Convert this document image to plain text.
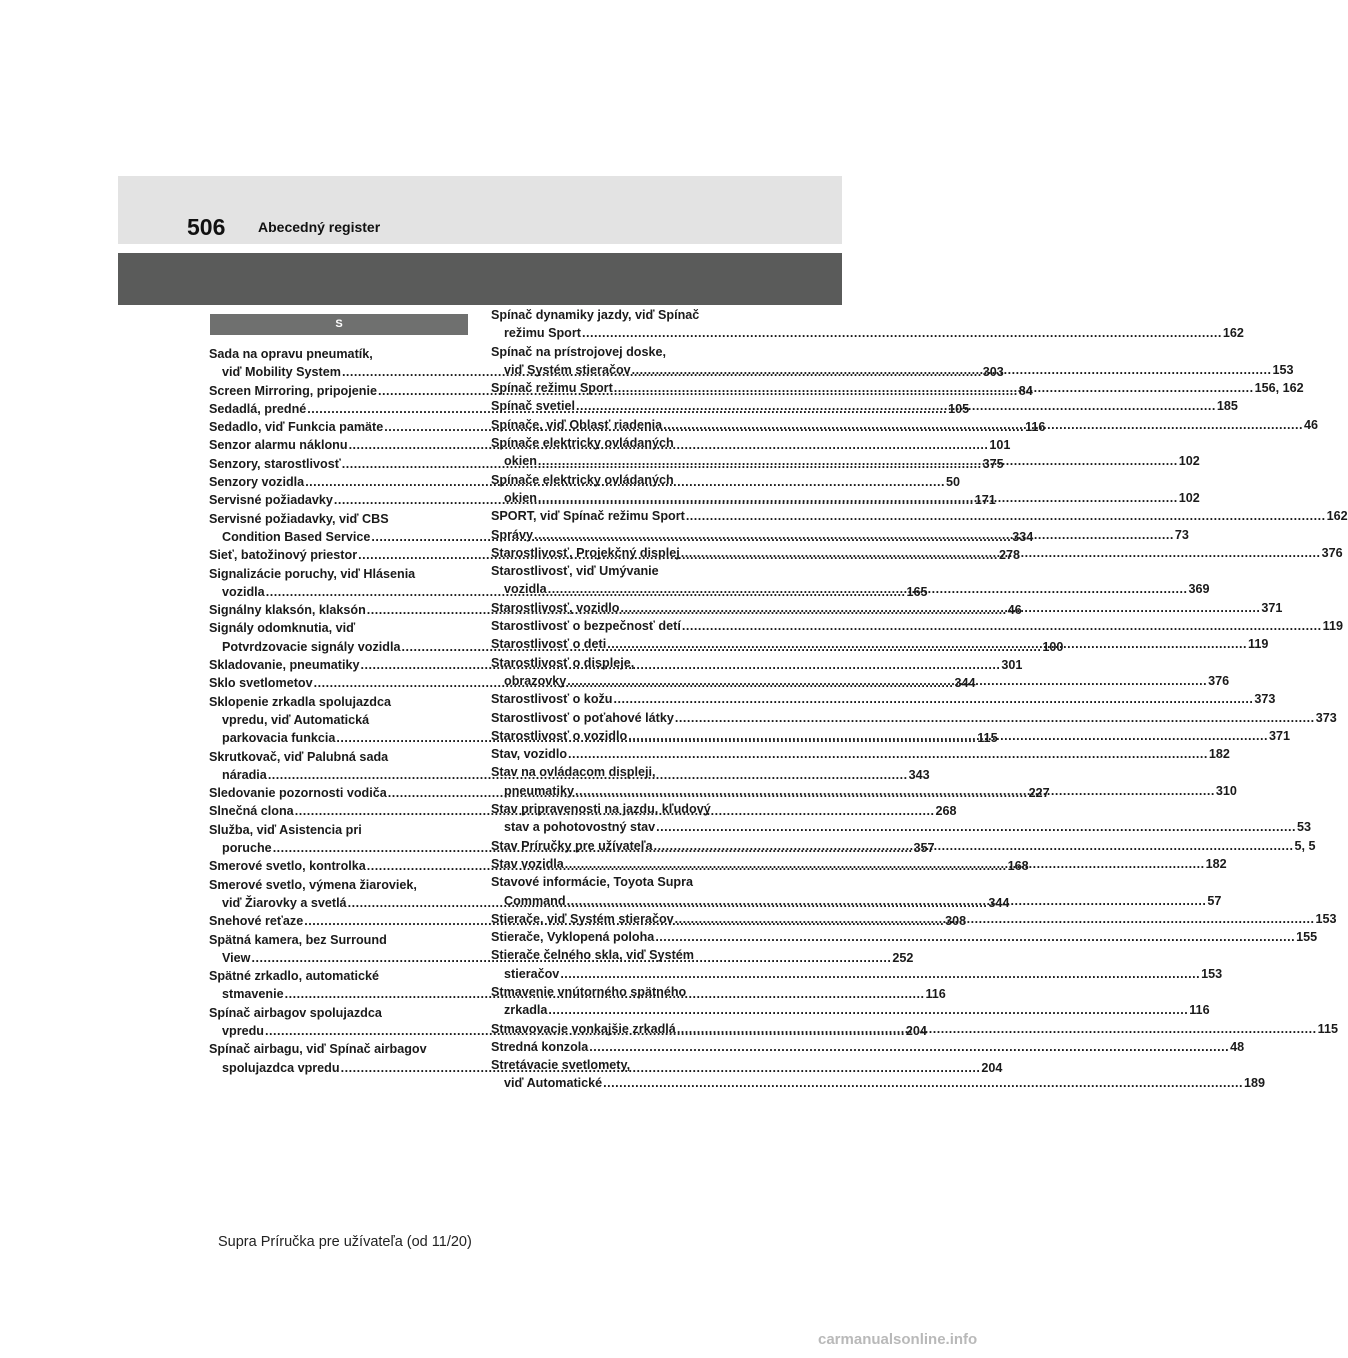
506 Abecedný register
S
Sada na opravu pneumatík,
viď Mobility System .....	303
Screen Mirroring, pripojenie .....	84
Sedadlá, predné .....	105
Sedadlo, viď Funkcia pamäte .....	116
Senzor alarmu náklonu .....	101
Senzory, starostlivosť .....	375
Senzory vozidla .....	50
Servisné požiadavky .....	171
Servisné požiadavky, viď CBS
Condition Based Service .....	334
Sieť, batožinový priestor .....	278
Signalizácie poruchy, viď Hlásenia
vozidla .....	165
Signálny klaksón, klaksón .....	46
Signály odomknutia, viď
Potvrdzovacie signály vozidla .....	100
Skladovanie, pneumatiky .....	301
Sklo svetlometov .....	344
Sklopenie zrkadla spolujazdca
vpredu, viď Automatická
parkovacia funkcia .....	115
Skrutkovač, viď Palubná sada
náradia .....	343
Sledovanie pozornosti vodiča .....	227
Slnečná clona .....	268
Služba, viď Asistencia pri
poruche .....	357
Smerové svetlo, kontrolka .....	168
Smerové svetlo, výmena žiaroviek,
viď Žiarovky a svetlá .....	344
Snehové reťaze .....	308
Spätná kamera, bez Surround
View .....	252
Spätné zrkadlo, automatické
stmavenie .....	116
Spínač airbagov spolujazdca
vpredu .....	204
Spínač airbagu, viď Spínač airbagov
spolujazdca vpredu .....	204
Spínač dynamiky jazdy, viď Spínač
režimu Sport .....	162
Spínač na prístrojovej doske,
viď Systém stieračov .....	153
Spínač režimu Sport .....	156, 162
Spínač svetiel .....	185
Spínače, viď Oblasť riadenia .....	46
Spínače elektricky ovládaných
okien .....	102
Spínače elektricky ovládaných
okien .....	102
SPORT, viď Spínač režimu Sport .....	162
Správy .....	73
Starostlivosť, Projekčný displej .....	376
Starostlivosť, viď Umývanie
vozidla .....	369
Starostlivosť, vozidlo .....	371
Starostlivosť o bezpečnosť detí .....	119
Starostlivosť o deti .....	119
Starostlivosť o displeje,
obrazovky .....	376
Starostlivosť o kožu .....	373
Starostlivosť o poťahové látky .....	373
Starostlivosť o vozidlo .....	371
Stav, vozidlo .....	182
Stav na ovládacom displeji,
pneumatiky .....	310
Stav pripravenosti na jazdu, kľudový
stav a pohotovostný stav .....	53
Stav Príručky pre užívateľa .....	5, 5
Stav vozidla .....	182
Stavové informácie, Toyota Supra
Command .....	57
Stierače, viď Systém stieračov .....	153
Stierače, Vyklopená poloha .....	155
Stierače čelného skla, viď Systém
stieračov .....	153
Stmavenie vnútorného spätného
zrkadla .....	116
Stmavovacie vonkajšie zrkadlá .....	115
Stredná konzola .....	48
Stretávacie svetlomety,
viď Automatické .....	189
Supra Príručka pre užívateľa (od 11/20)
carmanualsonline.info
